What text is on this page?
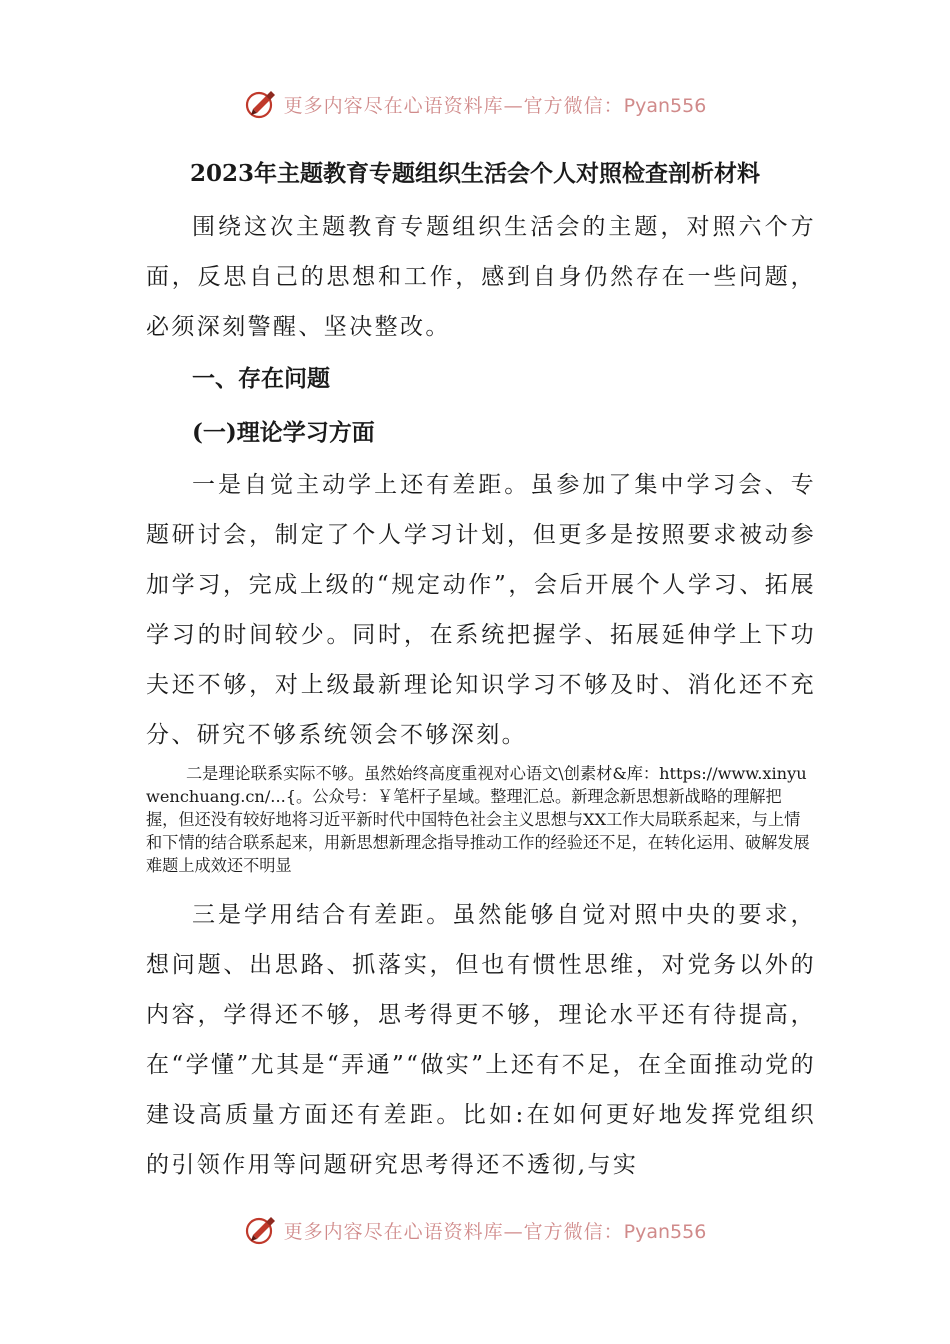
更多内容尽在心语资料库—官方微信：Pyan556
2023年主题教育专题组织生活会个人对照检查剖析材料

围绕这次主题教育专题组织生活会的主题，对照六个方面，反思自己的思想和工作，感到自身仍然存在一些问题，必须深刻警醒、坚决整改。

一、存在问题
(一)理论学习方面

一是自觉主动学上还有差距。虽参加了集中学习会、专题研讨会，制定了个人学习计划，但更多是按照要求被动参加学习，完成上级的“规定动作”，会后开展个人学习、拓展学习的时间较少。同时，在系统把握学、拓展延伸学上下功夫还不够，对上级最新理论知识学习不够及时、消化还不充分、研究不够系统领会不够深刻。

二是理论联系实际不够。虽然始终高度重视对心语文\创素材&库：https://www.xinyuwenchuang.cn/...{。公众号：￥笔杆子星域。整理汇总。新理念新思想新战略的理解把握，但还没有较好地将习近平新时代中国特色社会主义思想与XX工作大局联系起来，与上情和下情的结合联系起来，用新思想新理念指导推动工作的经验还不足，在转化运用、破解发展难题上成效还不明显

三是学用结合有差距。虽然能够自觉对照中央的要求，想问题、出思路、抓落实，但也有惯性思维，对党务以外的内容，学得还不够，思考得更不够，理论水平还有待提高，在“学懂”尤其是“弄通”“做实”上还有不足，在全面推动党的建设高质量方面还有差距。比如:在如何更好地发挥党组织的引领作用等问题研究思考得还不透彻,与实

更多内容尽在心语资料库—官方微信：Pyan556
